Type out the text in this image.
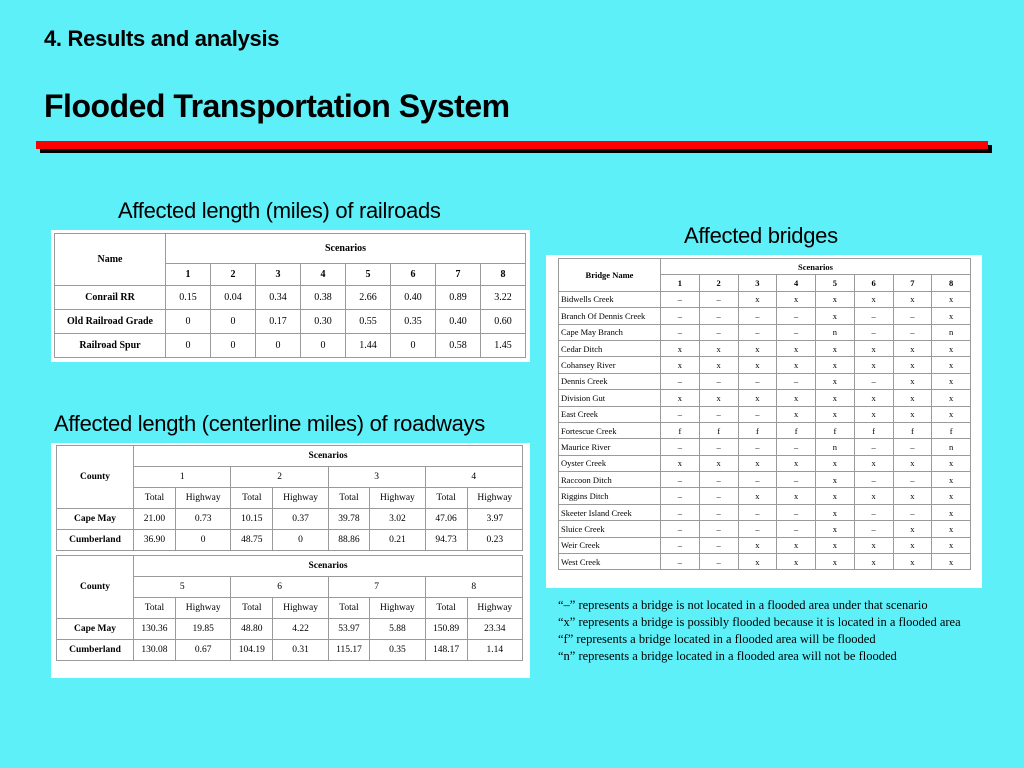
4. Results and analysis
Flooded Transportation System
Affected length (miles) of railroads
Name	Scenarios							
	1	2	3	4	5	6	7	8
Conrail RR	0.15	0.04	0.34	0.38	2.66	0.40	0.89	3.22
Old Railroad Grade	0	0	0.17	0.30	0.55	0.35	0.40	0.60
Railroad Spur	0	0	0	0	1.44	0	0.58	1.45
Affected length (centerline miles) of roadways
County	Scenarios							
	1		2		3		4	
	Total	Highway	Total	Highway	Total	Highway	Total	Highway
Cape May	21.00	0.73	10.15	0.37	39.78	3.02	47.06	3.97
Cumberland	36.90	0	48.75	0	88.86	0.21	94.73	0.23

County	Scenarios							
	5		6		7		8	
	Total	Highway	Total	Highway	Total	Highway	Total	Highway
Cape May	130.36	19.85	48.80	4.22	53.97	5.88	150.89	23.34
Cumberland	130.08	0.67	104.19	0.31	115.17	0.35	148.17	1.14
Affected bridges
Bridge Name	Scenarios							
	1	2	3	4	5	6	7	8
Bidwells Creek	–	–	x	x	x	x	x	x
Branch Of Dennis Creek	–	–	–	–	x	–	–	x
Cape May Branch	–	–	–	–	n	–	–	n
Cedar Ditch	x	x	x	x	x	x	x	x
Cohansey River	x	x	x	x	x	x	x	x
Dennis Creek	–	–	–	–	x	–	x	x
Division Gut	x	x	x	x	x	x	x	x
East Creek	–	–	–	x	x	x	x	x
Fortescue Creek	f	f	f	f	f	f	f	f
Maurice River	–	–	–	–	n	–	–	n
Oyster Creek	x	x	x	x	x	x	x	x
Raccoon Ditch	–	–	–	–	x	–	–	x
Riggins Ditch	–	–	x	x	x	x	x	x
Skeeter Island Creek	–	–	–	–	x	–	–	x
Sluice Creek	–	–	–	–	x	–	x	x
Weir Creek	–	–	x	x	x	x	x	x
West Creek	–	–	x	x	x	x	x	x
“–” represents a bridge is not located in a flooded area under that scenario
“x” represents a bridge is possibly flooded because it is located in a flooded area
“f” represents a bridge located in a flooded area will be flooded
“n” represents a bridge located in a flooded area will not be flooded
